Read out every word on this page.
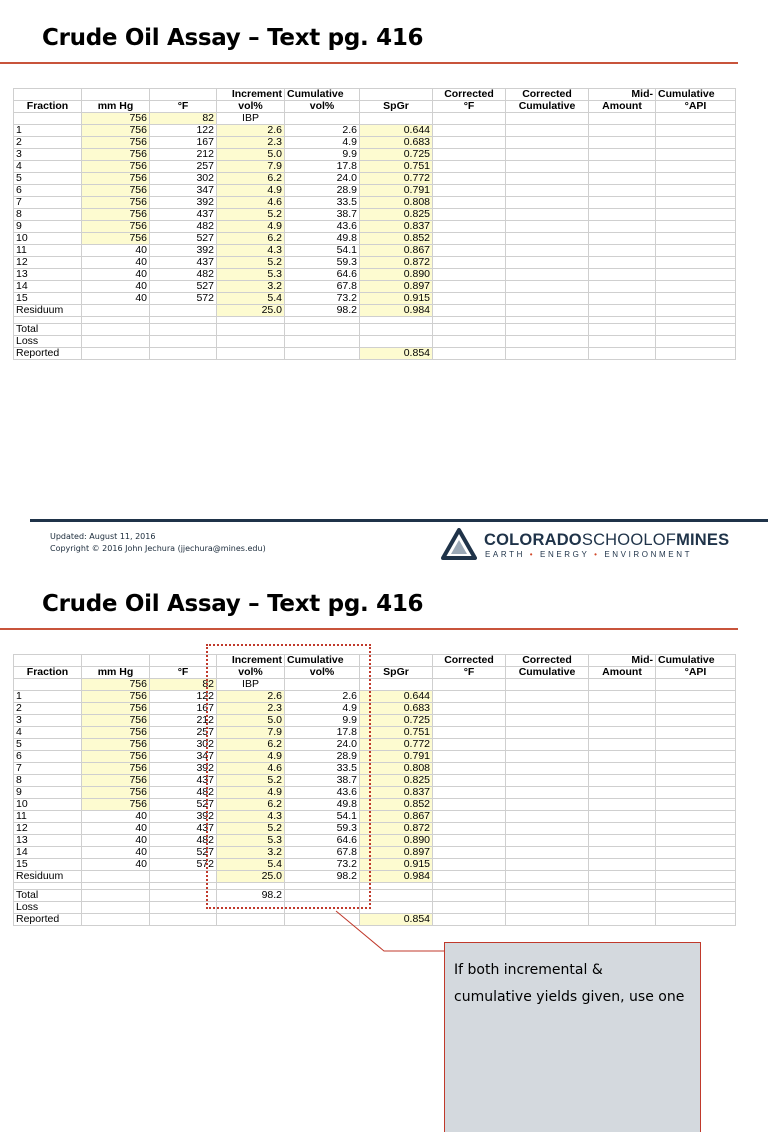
Crude Oil Assay – Text pg. 416
			Increment	Cumulative		Corrected	Corrected	Mid-	Cumulative
Fraction	mm Hg	°F	vol%	vol%	SpGr	°F	Cumulative	Amount	°API
	756	82	IBP						
1	756	122	2.6	2.6	0.644				
2	756	167	2.3	4.9	0.683				
3	756	212	5.0	9.9	0.725				
4	756	257	7.9	17.8	0.751				
5	756	302	6.2	24.0	0.772				
6	756	347	4.9	28.9	0.791				
7	756	392	4.6	33.5	0.808				
8	756	437	5.2	38.7	0.825				
9	756	482	4.9	43.6	0.837				
10	756	527	6.2	49.8	0.852				
11	40	392	4.3	54.1	0.867				
12	40	437	5.2	59.3	0.872				
13	40	482	5.3	64.6	0.890				
14	40	527	3.2	67.8	0.897				
15	40	572	5.4	73.2	0.915				
Residuum			25.0	98.2	0.984				

Total									
Loss									
Reported					0.854				
Updated: August 11, 2016
Copyright © 2016 John Jechura (jjechura@mines.edu)	COLORADOSCHOOLOFMINES
EARTH • ENERGY • ENVIRONMENT
Crude Oil Assay – Text pg. 416
			Increment	Cumulative		Corrected	Corrected	Mid-	Cumulative
Fraction	mm Hg	°F	vol%	vol%	SpGr	°F	Cumulative	Amount	°API
	756	82	IBP						
1	756	122	2.6	2.6	0.644				
2	756	167	2.3	4.9	0.683				
3	756	212	5.0	9.9	0.725				
4	756	257	7.9	17.8	0.751				
5	756	302	6.2	24.0	0.772				
6	756	347	4.9	28.9	0.791				
7	756	392	4.6	33.5	0.808				
8	756	437	5.2	38.7	0.825				
9	756	482	4.9	43.6	0.837				
10	756	527	6.2	49.8	0.852				
11	40	392	4.3	54.1	0.867				
12	40	437	5.2	59.3	0.872				
13	40	482	5.3	64.6	0.890				
14	40	527	3.2	67.8	0.897				
15	40	572	5.4	73.2	0.915				
Residuum			25.0	98.2	0.984				

Total			98.2						
Loss									
Reported					0.854				
If both incremental &
cumulative yields given, use one
